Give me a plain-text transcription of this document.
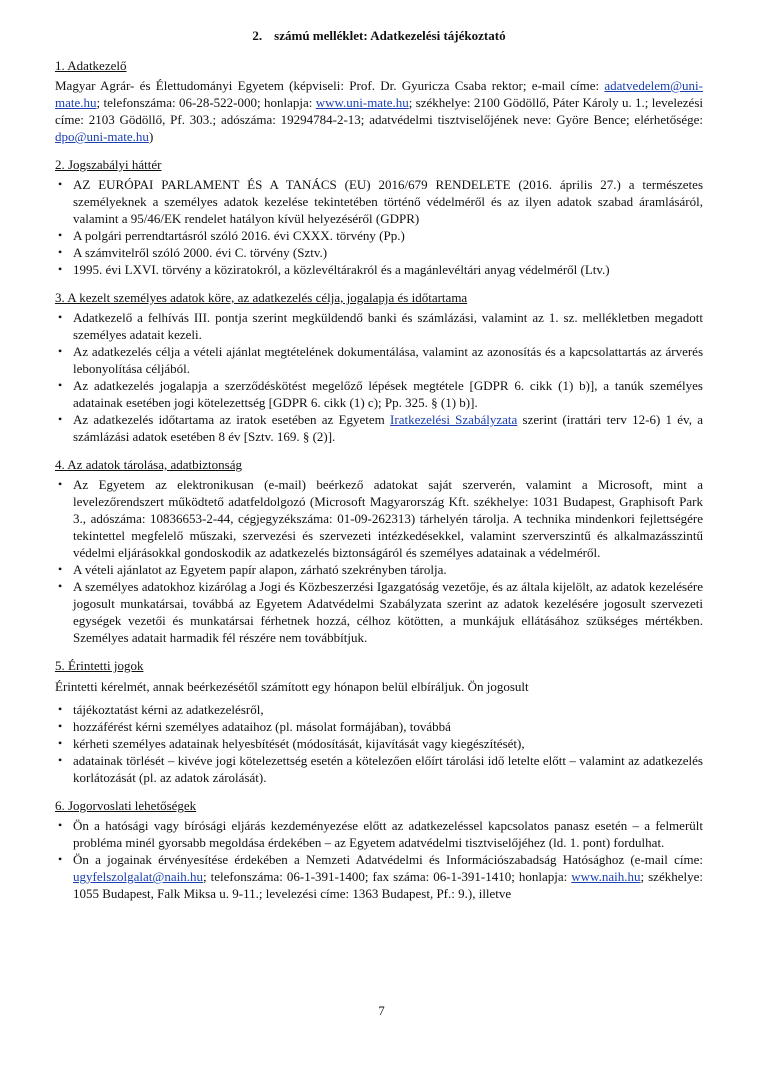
2. számú melléklet: Adatkezelési tájékoztató
1. Adatkezelő

Magyar Agrár- és Élettudományi Egyetem (képviseli: Prof. Dr. Gyuricza Csaba rektor; e-mail címe: adatvedelem@uni-mate.hu; telefonszáma: 06-28-522-000; honlapja: www.uni-mate.hu; székhelye: 2100 Gödöllő, Páter Károly u. 1.; levelezési címe: 2103 Gödöllő, Pf. 303.; adószáma: 19294784-2-13; adatvédelmi tisztviselőjének neve: Györe Bence; elérhetősége: dpo@uni-mate.hu)

2. Jogszabályi háttér
• AZ EURÓPAI PARLAMENT ÉS A TANÁCS (EU) 2016/679 RENDELETE (2016. április 27.) a természetes személyeknek a személyes adatok kezelése tekintetében történő védelméről és az ilyen adatok szabad áramlásáról, valamint a 95/46/EK rendelet hatályon kívül helyezéséről (GDPR)
• A polgári perrendtartásról szóló 2016. évi CXXX. törvény (Pp.)
• A számvitelről szóló 2000. évi C. törvény (Sztv.)
• 1995. évi LXVI. törvény a köziratokról, a közlevéltárakról és a magánlevéltári anyag védelméről (Ltv.)
3. A kezelt személyes adatok köre, az adatkezelés célja, jogalapja és időtartama
• Adatkezelő a felhívás III. pontja szerint megküldendő banki és számlázási, valamint az 1. sz. mellékletben megadott személyes adatait kezeli.
• Az adatkezelés célja a vételi ajánlat megtételének dokumentálása, valamint az azonosítás és a kapcsolattartás az árverés lebonyolítása céljából.
• Az adatkezelés jogalapja a szerződéskötést megelőző lépések megtétele [GDPR 6. cikk (1) b)], a tanúk személyes adatainak esetében jogi kötelezettség [GDPR 6. cikk (1) c); Pp. 325. § (1) b)].
• Az adatkezelés időtartama az iratok esetében az Egyetem Iratkezelési Szabályzata szerint (irattári terv 12-6) 1 év, a számlázási adatok esetében 8 év [Sztv. 169. § (2)].
4. Az adatok tárolása, adatbiztonság
• Az Egyetem az elektronikusan (e-mail) beérkező adatokat saját szerverén, valamint a Microsoft, mint a levelezőrendszert működtető adatfeldolgozó (Microsoft Magyarország Kft. székhelye: 1031 Budapest, Graphisoft Park 3., adószáma: 10836653-2-44, cégjegyzékszáma: 01-09-262313) tárhelyén tárolja. A technika mindenkori fejlettségére tekintettel megfelelő műszaki, szervezési és szervezeti intézkedésekkel, valamint szerverszintű és alkalmazásszintű védelmi eljárásokkal gondoskodik az adatkezelés biztonságáról és személyes adatainak a védelméről.
• A vételi ajánlatot az Egyetem papír alapon, zárható szekrényben tárolja.
• A személyes adatokhoz kizárólag a Jogi és Közbeszerzési Igazgatóság vezetője, és az általa kijelölt, az adatok kezelésére jogosult munkatársai, továbbá az Egyetem Adatvédelmi Szabályzata szerint az adatok kezelésére jogosult szervezeti egységek vezetői és munkatársai férhetnek hozzá, célhoz kötötten, a munkájuk ellátásához szükséges mértékben. Személyes adatait harmadik fél részére nem továbbítjuk.
5. Érintetti jogok

Érintetti kérelmét, annak beérkezésétől számított egy hónapon belül elbíráljuk. Ön jogosult

• tájékoztatást kérni az adatkezelésről,
• hozzáférést kérni személyes adataihoz (pl. másolat formájában), továbbá
• kérheti személyes adatainak helyesbítését (módosítását, kijavítását vagy kiegészítését),
• adatainak törlését – kivéve jogi kötelezettség esetén a kötelezően előírt tárolási idő letelte előtt – valamint az adatkezelés korlátozását (pl. az adatok zárolását).
6. Jogorvoslati lehetőségek
• Ön a hatósági vagy bírósági eljárás kezdeményezése előtt az adatkezeléssel kapcsolatos panasz esetén – a felmerült probléma minél gyorsabb megoldása érdekében – az Egyetem adatvédelmi tisztviselőjéhez (ld. 1. pont) fordulhat.
• Ön a jogainak érvényesítése érdekében a Nemzeti Adatvédelmi és Információszabadság Hatósághoz (e-mail címe: ugyfelszolgalat@naih.hu; telefonszáma: 06-1-391-1400; fax száma: 06-1-391-1410; honlapja: www.naih.hu; székhelye: 1055 Budapest, Falk Miksa u. 9-11.; levelezési címe: 1363 Budapest, Pf.: 9.), illetve
7
